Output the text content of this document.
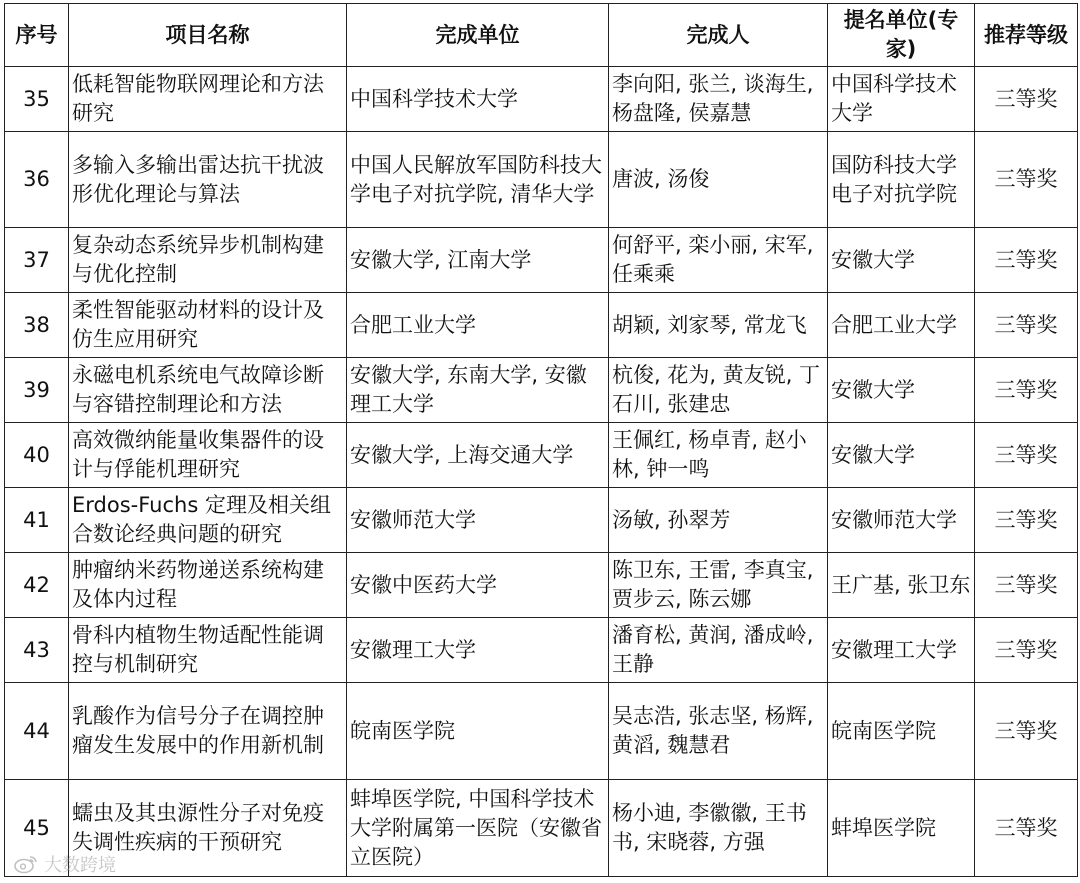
序号	项目名称	完成单位	完成人	提名单位(专家)	推荐等级
35	低耗智能物联网理论和方法研究	中国科学技术大学	李向阳, 张兰, 谈海生, 杨盘隆, 侯嘉慧	中国科学技术大学	三等奖
36	多输入多输出雷达抗干扰波形优化理论与算法	中国人民解放军国防科技大学电子对抗学院, 清华大学	唐波, 汤俊	国防科技大学电子对抗学院	三等奖
37	复杂动态系统异步机制构建与优化控制	安徽大学, 江南大学	何舒平, 栾小丽, 宋军, 任乘乘	安徽大学	三等奖
38	柔性智能驱动材料的设计及仿生应用研究	合肥工业大学	胡颖, 刘家琴, 常龙飞	合肥工业大学	三等奖
39	永磁电机系统电气故障诊断与容错控制理论和方法	安徽大学, 东南大学, 安徽理工大学	杭俊, 花为, 黄友锐, 丁石川, 张建忠	安徽大学	三等奖
40	高效微纳能量收集器件的设计与俘能机理研究	安徽大学, 上海交通大学	王佩红, 杨卓青, 赵小林, 钟一鸣	安徽大学	三等奖
41	Erdos-Fuchs 定理及相关组合数论经典问题的研究	安徽师范大学	汤敏, 孙翠芳	安徽师范大学	三等奖
42	肿瘤纳米药物递送系统构建及体内过程	安徽中医药大学	陈卫东, 王雷, 李真宝, 贾步云, 陈云娜	王广基, 张卫东	三等奖
43	骨科内植物生物适配性能调控与机制研究	安徽理工大学	潘育松, 黄润, 潘成岭, 王静	安徽理工大学	三等奖
44	乳酸作为信号分子在调控肿瘤发生发展中的作用新机制	皖南医学院	吴志浩, 张志坚, 杨辉, 黄滔, 魏慧君	皖南医学院	三等奖
45	蠕虫及其虫源性分子对免疫失调性疾病的干预研究	蚌埠医学院, 中国科学技术大学附属第一医院（安徽省立医院）	杨小迪, 李徽徽, 王书书, 宋晓蓉, 方强	蚌埠医学院	三等奖
大数跨境
